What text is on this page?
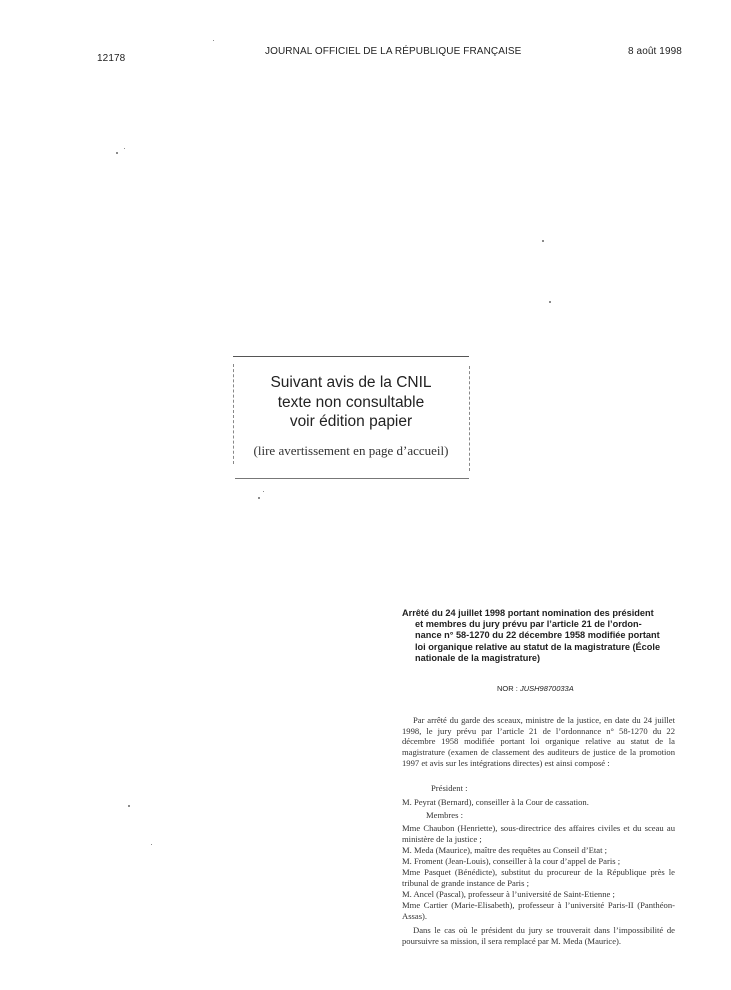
12178
JOURNAL OFFICIEL DE LA RÉPUBLIQUE FRANÇAISE	8 août 1998
Suivant avis de la CNIL
texte non consultable
voir édition papier
(lire avertissement en page d’accueil)
Arrêté du 24 juillet 1998 portant nomination des président
et membres du jury prévu par l’article 21 de l’ordon-
nance n° 58-1270 du 22 décembre 1958 modifiée portant
loi organique relative au statut de la magistrature (École
nationale de la magistrature)
NOR : JUSH9870033A
Par arrêté du garde des sceaux, ministre de la justice, en date du 24 juillet 1998, le jury prévu par l’article 21 de l’ordonnance n° 58-1270 du 22 décembre 1958 modifiée portant loi organique relative au statut de la magistrature (examen de classement des auditeurs de justice de la promotion 1997 et avis sur les intégrations directes) est ainsi composé :
Président :
M. Peyrat (Bernard), conseiller à la Cour de cassation.
Membres :
Mme Chaubon (Henriette), sous-directrice des affaires civiles et du sceau au ministère de la justice ;
M. Meda (Maurice), maître des requêtes au Conseil d’Etat ;
M. Froment (Jean-Louis), conseiller à la cour d’appel de Paris ;
Mme Pasquet (Bénédicte), substitut du procureur de la République près le tribunal de grande instance de Paris ;
M. Ancel (Pascal), professeur à l’université de Saint-Etienne ;
Mme Cartier (Marie-Elisabeth), professeur à l’université Paris-II (Panthéon-Assas).
Dans le cas où le président du jury se trouverait dans l’impossibilité de poursuivre sa mission, il sera remplacé par M. Meda (Maurice).
